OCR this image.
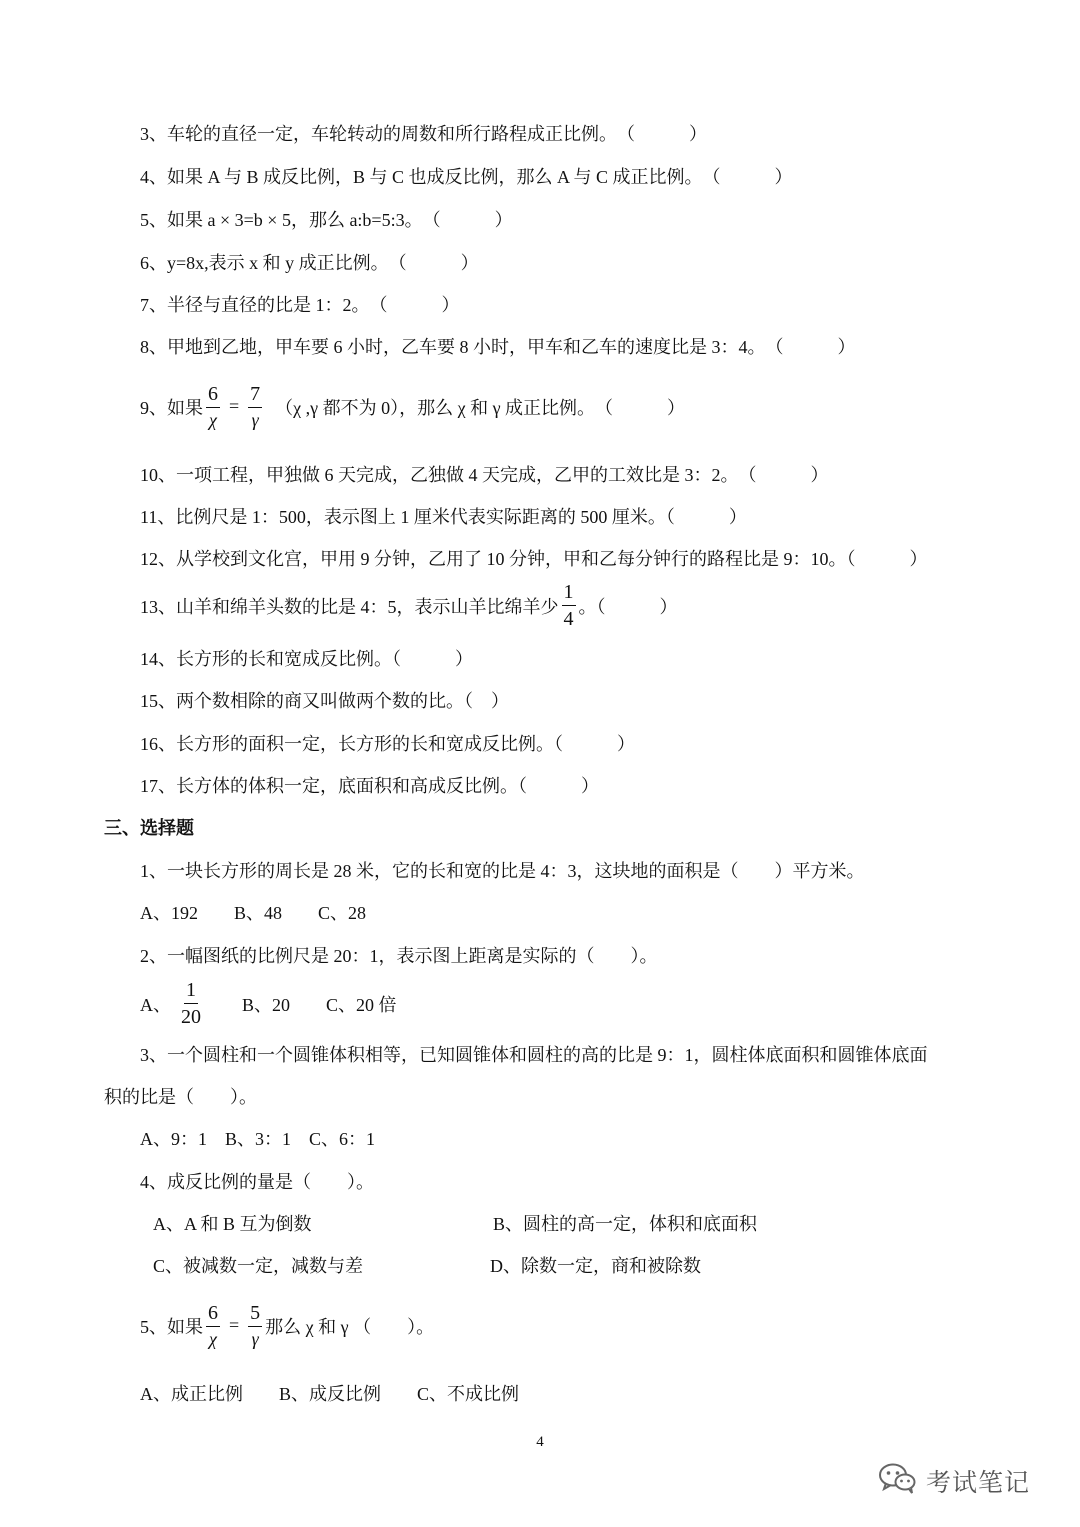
3、车轮的直径一定，车轮转动的周数和所行路程成正比例。　（　　　）
4、如果 A 与 B 成反比例，B 与 C 也成反比例，那么 A 与 C 成正比例。　（　　　）
5、如果 a × 3=b × 5，那么 a:b=5:3。　（　　　）
6、y=8x,表示 x 和 y 成正比例。　（　　　）
7、半径与直径的比是 1：2。　（　　　）
8、甲地到乙地，甲车要 6 小时，乙车要 8 小时，甲车和乙车的速度比是 3：4。　（　　　）
9、如果 $\frac{6}{\chi} = \frac{7}{\gamma} (\chi$ ,γ 都不为 0），那么 χ 和 γ 成正比例。　（　　　）
10、一项工程，甲独做 6 天完成，乙独做 4 天完成，乙甲的工效比是 3：2。　（　　　）
11、比例尺是 1：500，表示图上 1 厘米代表实际距离的 500 厘米。（　　　）
12、从学校到文化宫，甲用 9 分钟，乙用了 10 分钟，甲和乙每分钟行的路程比是 9：10。（　　　）
13、山羊和绵羊头数的比是 4：5，表示山羊比绵羊少 $\frac{1}{4}$ 。（　　　）
14、长方形的长和宽成反比例。（　　　）
15、两个数相除的商又叫做两个数的比。（　）
16、长方形的面积一定，长方形的长和宽成反比例。（　　　）
17、长方体的体积一定，底面积和高成反比例。（　　　）
三、选择题
1、一块长方形的周长是 28 米，它的长和宽的比是 4：3，这块地的面积是（　　）平方米。
A、192　　B、48　　C、28
2、一幅图纸的比例尺是 20：1，表示图上距离是实际的（　　）。
A、 $\frac{1}{20}$ B、20　　C、20 倍
3、一个圆柱和一个圆锥体积相等，已知圆锥体和圆柱的高的比是 9：1，圆柱体底面积和圆锥体底面
积的比是（　　）。
A、9：1　B、3：1　C、6：1
4、成反比例的量是（　　）。
A、A 和 B 互为倒数	B、圆柱的高一定，体积和底面积
C、被减数一定，减数与差	D、除数一定，商和被除数
5、如果 $\frac{6}{\chi} = \frac{5}{\gamma}$ 那么 χ 和 γ （　　）。
A、成正比例　　B、成反比例　　C、不成比例
4
考试笔记
